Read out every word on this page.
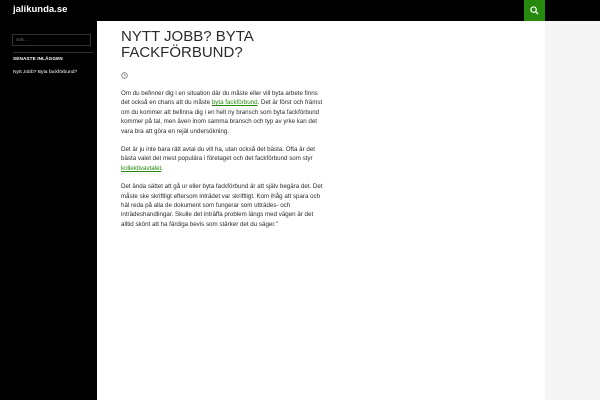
jalikunda.se
Sök ...
SENASTE INLÄGGEN
Nytt Jobb? Byta fackförbund?
NYTT JOBB? BYTA FACKFÖRBUND?

Om du befinner dig i en situation där du måste eller vill byta arbete finns det också en chans att du måste byta fackförbund. Det är först och främst om du kommer att befinna dig i en helt ny bransch som byta fackförbund kommer på tal, men även inom samma bransch och typ av yrke kan det vara bra att göra en rejäl undersökning.

Det är ju inte bara rätt avtal du vill ha, utan också det bästa. Ofta är det bästa valet det mest populära i företaget och det fackförbund som styr kollektivavtalet.

Det ända sättet att gå ur eller byta fackförbund är att själv begära det. Det måste ske skriftligt eftersom inträdet var skriftligt. Kom ihåg att spara och häl reda på alla de dokument som fungerar som utträdes- och inträdeshandlingar. Skulle det inträffa problem längs med vägen är det alltid skönt att ha färdiga bevis som stärker det du säger."
